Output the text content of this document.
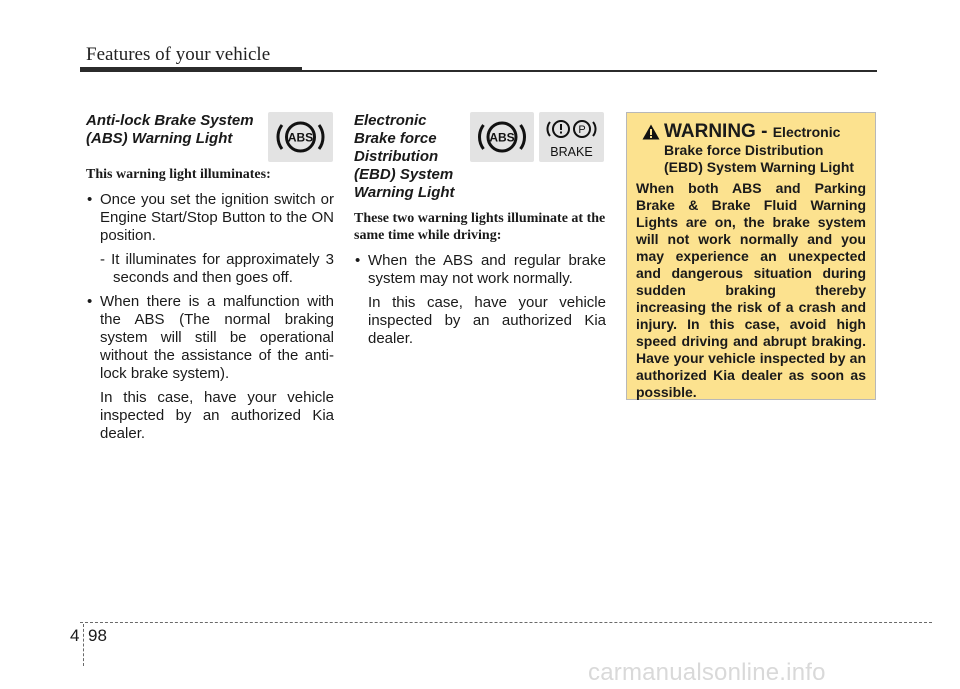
Features of your vehicle
ABS
Anti-lock Brake System
(ABS) Warning Light
This warning light illuminates:
• Once you set the ignition switch or Engine Start/Stop Button to the ON position.
- It illuminates for approximately 3 seconds and then goes off.
• When there is a malfunction with the ABS (The normal braking system will still be operational without the assistance of the anti-lock brake system).
In this case, have your vehicle inspected by an authorized Kia dealer.
ABS
P
BRAKE
Electronic
Brake force
Distribution
(EBD) System
Warning Light
These two warning lights illuminate at the same time while driving:
• When the ABS and regular brake system may not work normally.
In this case, have your vehicle inspected by an authorized Kia dealer.
WARNING - Electronic
Brake force Distribution
(EBD) System Warning Light
When both ABS and Parking Brake & Brake Fluid Warning Lights are on, the brake system will not work normally and you may experience an unexpected and dangerous situation during sudden braking thereby increasing the risk of a crash and injury. In this case, avoid high speed driving and abrupt braking. Have your vehicle inspected by an authorized Kia dealer as soon as possible.
4 98
carmanualsonline.info
